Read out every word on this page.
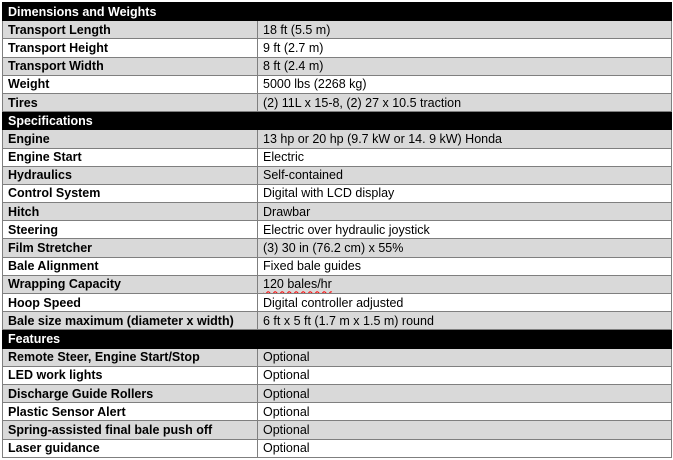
Dimensions and Weights	
Transport Length	18 ft (5.5 m)
Transport Height	9 ft (2.7 m)
Transport Width	8 ft (2.4 m)
Weight	5000 lbs (2268 kg)
Tires	(2) 11L x 15-8, (2) 27 x 10.5 traction
Specifications	
Engine	13 hp or 20 hp (9.7 kW or 14. 9 kW) Honda
Engine Start	Electric
Hydraulics	Self-contained
Control System	Digital with LCD display
Hitch	Drawbar
Steering	Electric over hydraulic joystick
Film Stretcher	(3) 30 in (76.2 cm) x 55%
Bale Alignment	Fixed bale guides
Wrapping Capacity	120 bales/hr
Hoop Speed	Digital controller adjusted
Bale size maximum (diameter x width)	6 ft x 5 ft (1.7 m x 1.5 m) round
Features	
Remote Steer, Engine Start/Stop	Optional
LED work lights	Optional
Discharge Guide Rollers	Optional
Plastic Sensor Alert	Optional
Spring-assisted final bale push off	Optional
Laser guidance	Optional
